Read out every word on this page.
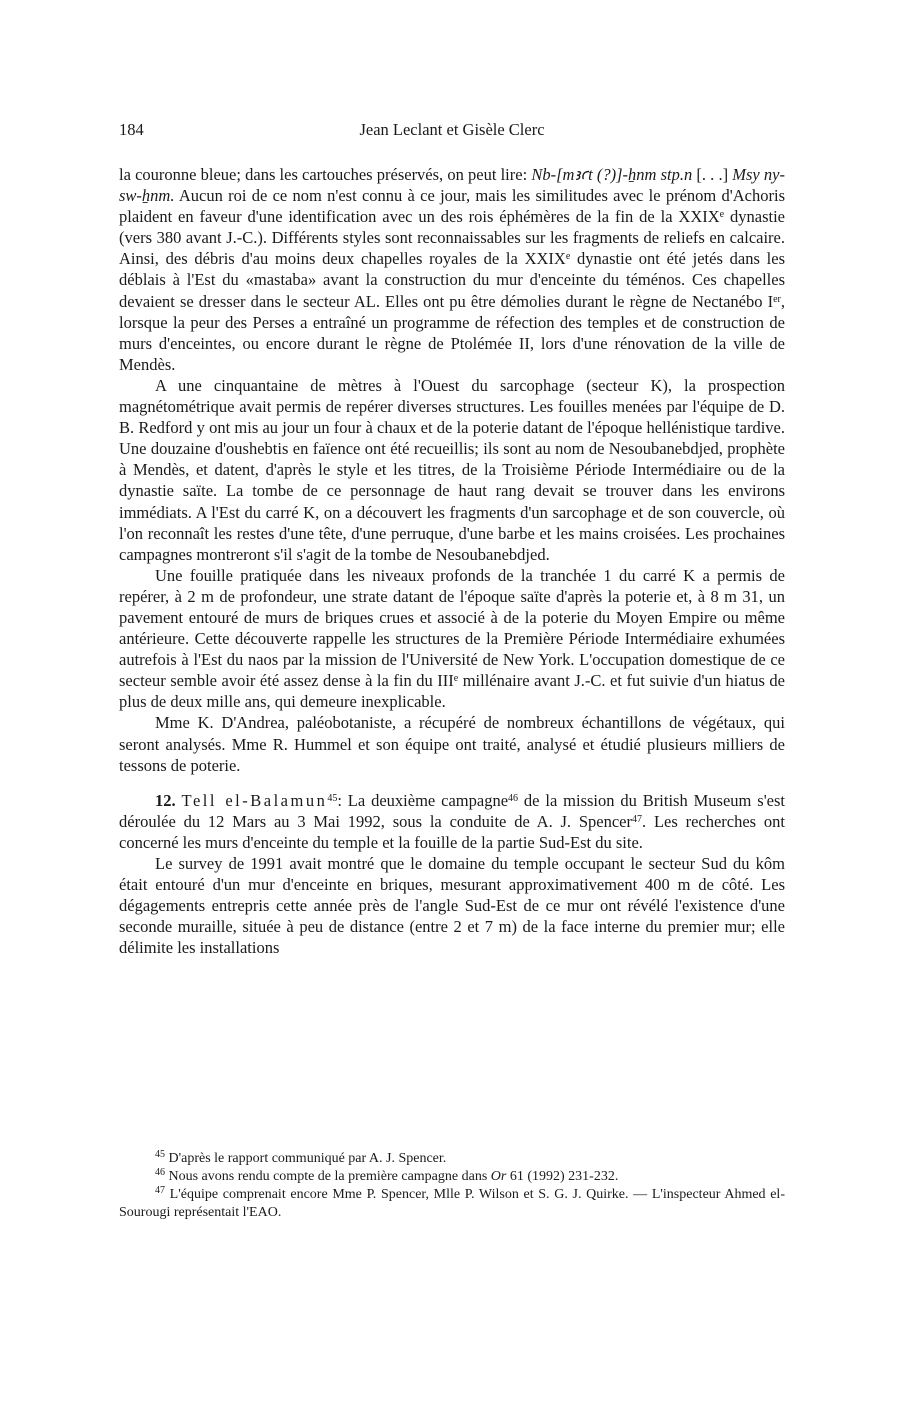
184	Jean Leclant et Gisèle Clerc

la couronne bleue; dans les cartouches préservés, on peut lire: Nb-[mꜣꜥt (?)]-ẖnm stp.n [. . .] Msy ny-sw-ẖnm. Aucun roi de ce nom n'est connu à ce jour, mais les similitudes avec le prénom d'Achoris plaident en faveur d'une identification avec un des rois éphémères de la fin de la XXIXe dynastie (vers 380 avant J.-C.). Différents styles sont reconnaissables sur les fragments de reliefs en calcaire. Ainsi, des débris d'au moins deux chapelles royales de la XXIXe dynastie ont été jetés dans les déblais à l'Est du «mastaba» avant la construction du mur d'enceinte du téménos. Ces chapelles devaient se dresser dans le secteur AL. Elles ont pu être démolies durant le règne de Nectanébo Ier, lorsque la peur des Perses a entraîné un programme de réfection des temples et de construction de murs d'enceintes, ou encore durant le règne de Ptolémée II, lors d'une rénovation de la ville de Mendès.

A une cinquantaine de mètres à l'Ouest du sarcophage (secteur K), la prospection magnétométrique avait permis de repérer diverses structures. Les fouilles menées par l'équipe de D. B. Redford y ont mis au jour un four à chaux et de la poterie datant de l'époque hellénistique tardive. Une douzaine d'oushebtis en faïence ont été recueillis; ils sont au nom de Nesoubanebdjed, prophète à Mendès, et datent, d'après le style et les titres, de la Troisième Période Intermédiaire ou de la dynastie saïte. La tombe de ce personnage de haut rang devait se trouver dans les environs immédiats. A l'Est du carré K, on a découvert les fragments d'un sarcophage et de son couvercle, où l'on reconnaît les restes d'une tête, d'une perruque, d'une barbe et les mains croisées. Les prochaines campagnes montreront s'il s'agit de la tombe de Nesoubanebdjed.

Une fouille pratiquée dans les niveaux profonds de la tranchée 1 du carré K a permis de repérer, à 2 m de profondeur, une strate datant de l'époque saïte d'après la poterie et, à 8 m 31, un pavement entouré de murs de briques crues et associé à de la poterie du Moyen Empire ou même antérieure. Cette découverte rappelle les structures de la Première Période Intermédiaire exhumées autrefois à l'Est du naos par la mission de l'Université de New York. L'occupation domestique de ce secteur semble avoir été assez dense à la fin du IIIe millénaire avant J.-C. et fut suivie d'un hiatus de plus de deux mille ans, qui demeure inexplicable.

Mme K. D'Andrea, paléobotaniste, a récupéré de nombreux échantillons de végétaux, qui seront analysés. Mme R. Hummel et son équipe ont traité, analysé et étudié plusieurs milliers de tessons de poterie.

12. Tell el-Balamun$^{45}$: La deuxième campagne$^{46}$ de la mission du British Museum s'est déroulée du 12 Mars au 3 Mai 1992, sous la conduite de A. J. Spencer$^{47}$. Les recherches ont concerné les murs d'enceinte du temple et la fouille de la partie Sud-Est du site.

Le survey de 1991 avait montré que le domaine du temple occupant le secteur Sud du kôm était entouré d'un mur d'enceinte en briques, mesurant approximativement 400 m de côté. Les dégagements entrepris cette année près de l'angle Sud-Est de ce mur ont révélé l'existence d'une seconde muraille, située à peu de distance (entre 2 et 7 m) de la face interne du premier mur; elle délimite les installations

$^{45}$ D'après le rapport communiqué par A. J. Spencer.

$^{46}$ Nous avons rendu compte de la première campagne dans Or 61 (1992) 231-232.

$^{47}$ L'équipe comprenait encore Mme P. Spencer, Mlle P. Wilson et S. G. J. Quirke. — L'inspecteur Ahmed el-Sourougi représentait l'EAO.
